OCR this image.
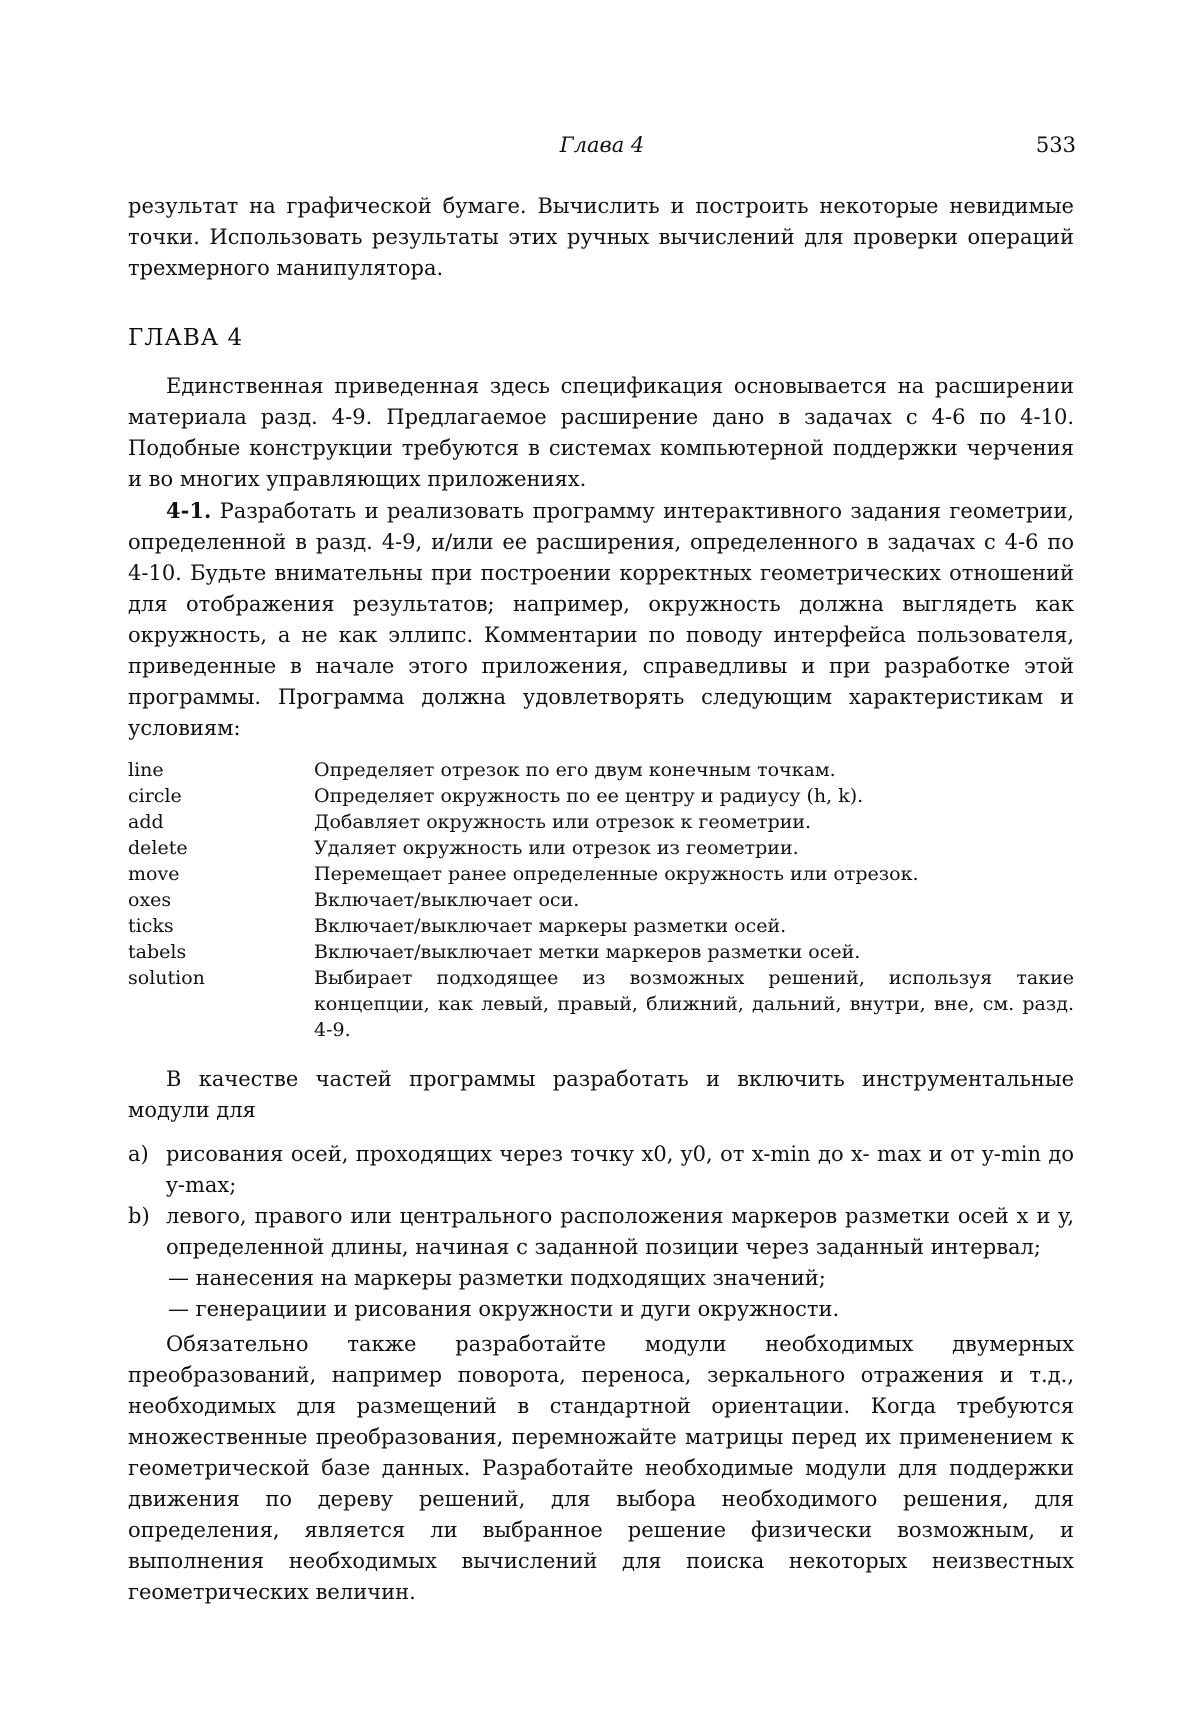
Глава 4	533

результат на графической бумаге. Вычислить и построить некоторые невидимые точки. Использовать результаты этих ручных вычислений для проверки операций трехмерного манипулятора.

ГЛАВА 4

Единственная приведенная здесь спецификация основывается на расширении материала разд. 4-9. Предлагаемое расширение дано в задачах с 4-6 по 4-10. Подобные конструкции требуются в системах компьютерной поддержки черчения и во многих управляющих приложениях.

4-1. Разработать и реализовать программу интерактивного задания геометрии, определенной в разд. 4-9, и/или ее расширения, определенного в задачах с 4-6 по 4-10. Будьте внимательны при построении корректных геометрических отношений для отображения результатов; например, окружность должна выглядеть как окружность, а не как эллипс. Комментарии по поводу интерфейса пользователя, приведенные в начале этого приложения, справедливы и при разработке этой программы. Программа должна удовлетворять следующим характеристикам и условиям:

line	Определяет отрезок по его двум конечным точкам.
circle	Определяет окружность по ее центру и радиусу (h, k).
add	Добавляет окружность или отрезок к геометрии.
delete	Удаляет окружность или отрезок из геометрии.
move	Перемещает ранее определенные окружность или отрезок.
oxes	Включает/выключает оси.
ticks	Включает/выключает маркеры разметки осей.
tabels	Включает/выключает метки маркеров разметки осей.
solution	Выбирает подходящее из возможных решений, используя такие концепции, как левый, правый, ближний, дальний, внутри, вне, см. разд. 4-9.

В качестве частей программы разработать и включить инструментальные модули для

a) рисования осей, проходящих через точку x0, y0, от x-min до x- max и от y-min до y-max;
b) левого, правого или центрального расположения маркеров разметки осей x и y, определенной длины, начиная с заданной позиции через заданный интервал;
— нанесения на маркеры разметки подходящих значений;
— генерациии и рисования окружности и дуги окружности.

Обязательно также разработайте модули необходимых двумерных преобразований, например поворота, переноса, зеркального отражения и т.д., необходимых для размещений в стандартной ориентации. Когда требуются множественные преобразования, перемножайте матрицы перед их применением к геометрической базе данных. Разработайте необходимые модули для поддержки движения по дереву решений, для выбора необходимого решения, для определения, является ли выбранное решение физически возможным, и выполнения необходимых вычислений для поиска некоторых неизвестных геометрических величин.
